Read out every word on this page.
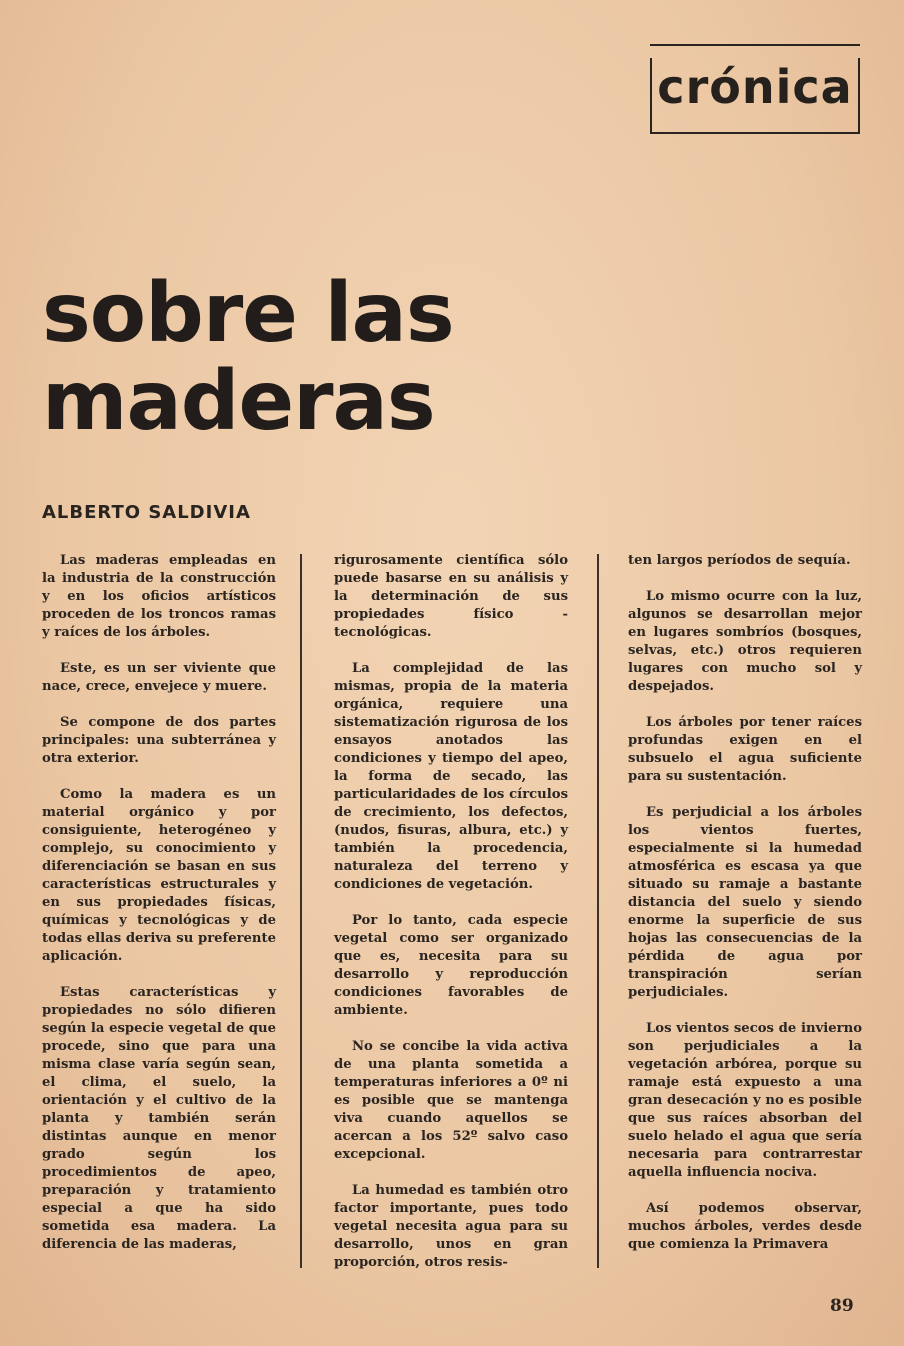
crónica
sobre las
maderas
ALBERTO SALDIVIA

Las maderas empleadas en la industria de la construcción y en los oficios artísticos proceden de los troncos ramas y raíces de los árboles.

Este, es un ser viviente que nace, crece, envejece y muere.

Se compone de dos partes principales: una subterránea y otra exterior.

Como la madera es un material orgánico y por consiguiente, heterogéneo y complejo, su conocimiento y diferenciación se basan en sus características estructurales y en sus propiedades físicas, químicas y tecnológicas y de todas ellas deriva su preferente aplicación.

Estas características y propiedades no sólo difieren según la especie vegetal de que procede, sino que para una misma clase varía según sean, el clima, el suelo, la orientación y el cultivo de la planta y también serán distintas aunque en menor grado según los procedimientos de apeo, preparación y tratamiento especial a que ha sido sometida esa madera. La diferencia de las maderas,

rigurosamente científica sólo puede basarse en su análisis y la determinación de sus propiedades físico - tecnológicas.

La complejidad de las mismas, propia de la materia orgánica, requiere una sistematización rigurosa de los ensayos anotados las condiciones y tiempo del apeo, la forma de secado, las particularidades de los círculos de crecimiento, los defectos, (nudos, fisuras, albura, etc.) y también la procedencia, naturaleza del terreno y condiciones de vegetación.

Por lo tanto, cada especie vegetal como ser organizado que es, necesita para su desarrollo y reproducción condiciones favorables de ambiente.

No se concibe la vida activa de una planta sometida a temperaturas inferiores a 0º ni es posible que se mantenga viva cuando aquellos se acercan a los 52º salvo caso excepcional.

La humedad es también otro factor importante, pues todo vegetal necesita agua para su desarrollo, unos en gran proporción, otros resis-

ten largos períodos de sequía.

Lo mismo ocurre con la luz, algunos se desarrollan mejor en lugares sombríos (bosques, selvas, etc.) otros requieren lugares con mucho sol y despejados.

Los árboles por tener raíces profundas exigen en el subsuelo el agua suficiente para su sustentación.

Es perjudicial a los árboles los vientos fuertes, especialmente si la humedad atmosférica es escasa ya que situado su ramaje a bastante distancia del suelo y siendo enorme la superficie de sus hojas las consecuencias de la pérdida de agua por transpiración serían perjudiciales.

Los vientos secos de invierno son perjudiciales a la vegetación arbórea, porque su ramaje está expuesto a una gran desecación y no es posible que sus raíces absorban del suelo helado el agua que sería necesaria para contrarrestar aquella influencia nociva.

Así podemos observar, muchos árboles, verdes desde que comienza la Primavera

89
